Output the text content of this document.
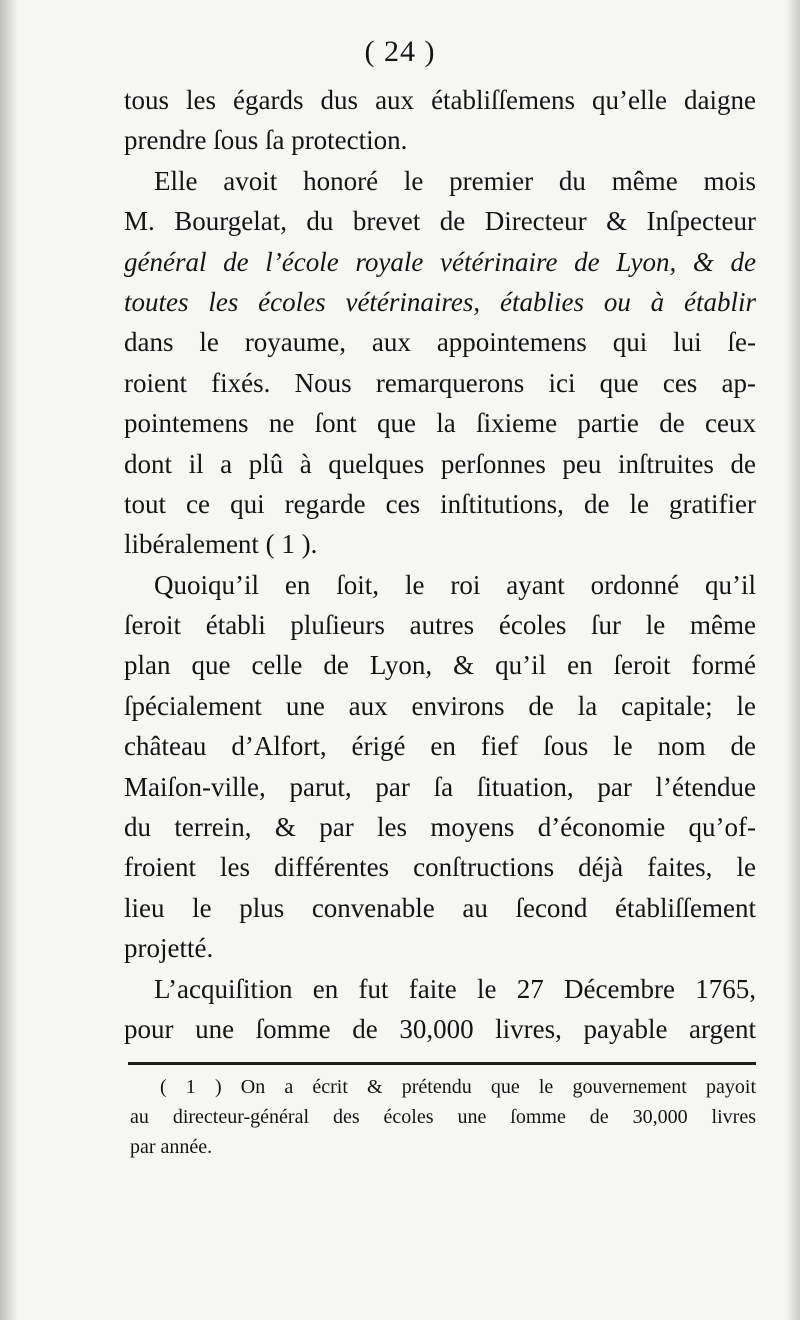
( 24 )
tous les égards dus aux établiſſemens qu’elle daigne
prendre ſous ſa protection.
Elle avoit honoré le premier du même mois
M. Bourgelat, du brevet de Directeur & Inſpecteur
général de l’école royale vétérinaire de Lyon, & de
toutes les écoles vétérinaires, établies ou à établir
dans le royaume, aux appointemens qui lui ſe-
roient fixés. Nous remarquerons ici que ces ap-
pointemens ne ſont que la ſixieme partie de ceux
dont il a plû à quelques perſonnes peu inſtruites de
tout ce qui regarde ces inſtitutions, de le gratifier
libéralement ( 1 ).
Quoiqu’il en ſoit, le roi ayant ordonné qu’il
ſeroit établi pluſieurs autres écoles ſur le même
plan que celle de Lyon, & qu’il en ſeroit formé
ſpécialement une aux environs de la capitale; le
château d’Alfort, érigé en fief ſous le nom de
Maiſon-ville, parut, par ſa ſituation, par l’étendue
du terrein, & par les moyens d’économie qu’of-
froient les différentes conſtructions déjà faites, le
lieu le plus convenable au ſecond établiſſement
projetté.
L’acquiſition en fut faite le 27 Décembre 1765,
pour une ſomme de 30,000 livres, payable argent
( 1 ) On a écrit & prétendu que le gouvernement payoit
au directeur-général des écoles une ſomme de 30,000 livres
par année.
